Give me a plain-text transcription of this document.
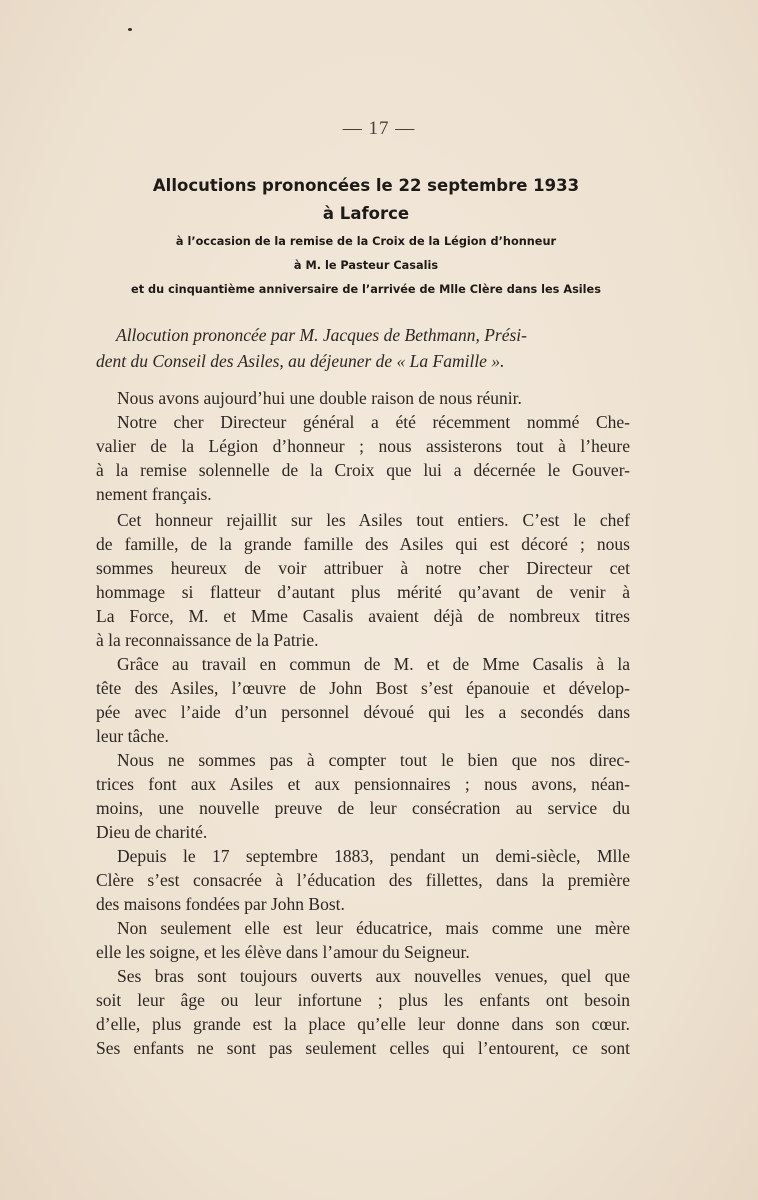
— 17 —
Allocutions prononcées le 22 septembre 1933
à Laforce
à l’occasion de la remise de la Croix de la Légion d’honneur
à M. le Pasteur Casalis
et du cinquantième anniversaire de l’arrivée de Mlle Clère dans les Asiles
Allocution prononcée par M. Jacques de Bethmann, Prési-
dent du Conseil des Asiles, au déjeuner de « La Famille ».
Nous avons aujourd’hui une double raison de nous réunir.
Notre cher Directeur général a été récemment nommé Che-
valier de la Légion d’honneur ; nous assisterons tout à l’heure
à la remise solennelle de la Croix que lui a décernée le Gouver-
nement français.
Cet honneur rejaillit sur les Asiles tout entiers. C’est le chef
de famille, de la grande famille des Asiles qui est décoré ; nous
sommes heureux de voir attribuer à notre cher Directeur cet
hommage si flatteur d’autant plus mérité qu’avant de venir à
La Force, M. et Mme Casalis avaient déjà de nombreux titres
à la reconnaissance de la Patrie.
Grâce au travail en commun de M. et de Mme Casalis à la
tête des Asiles, l’œuvre de John Bost s’est épanouie et dévelop-
pée avec l’aide d’un personnel dévoué qui les a secondés dans
leur tâche.
Nous ne sommes pas à compter tout le bien que nos direc-
trices font aux Asiles et aux pensionnaires ; nous avons, néan-
moins, une nouvelle preuve de leur consécration au service du
Dieu de charité.
Depuis le 17 septembre 1883, pendant un demi-siècle, Mlle
Clère s’est consacrée à l’éducation des fillettes, dans la première
des maisons fondées par John Bost.
Non seulement elle est leur éducatrice, mais comme une mère
elle les soigne, et les élève dans l’amour du Seigneur.
Ses bras sont toujours ouverts aux nouvelles venues, quel que
soit leur âge ou leur infortune ; plus les enfants ont besoin
d’elle, plus grande est la place qu’elle leur donne dans son cœur.
Ses enfants ne sont pas seulement celles qui l’entourent, ce sont
